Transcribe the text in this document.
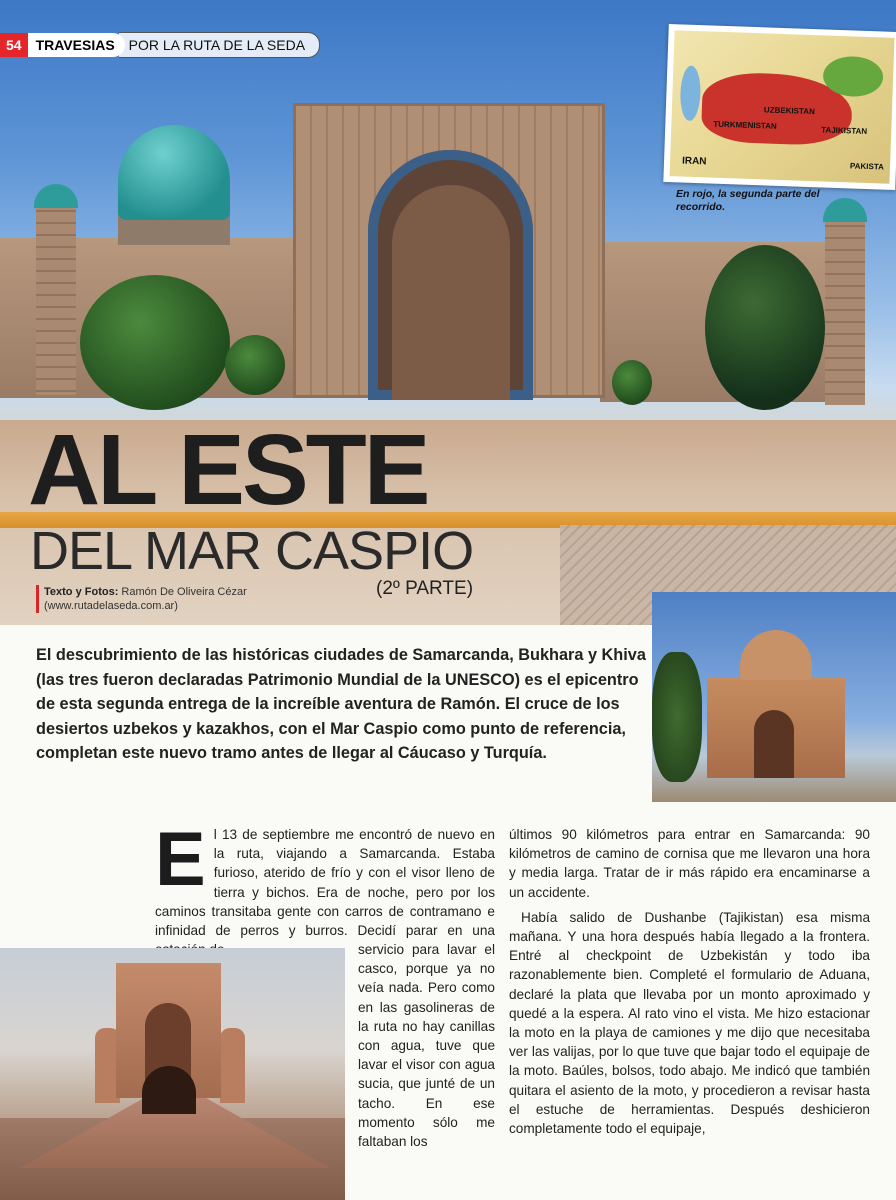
54	TRAVESIAS	POR LA RUTA DE LA SEDA
UZBEKISTAN
TURKMENISTAN	TAJIKISTAN
IRAN	PAKISTA
En rojo, la segunda parte del recorrido.
AL ESTE
DEL MAR CASPIO
(2º PARTE)
Texto y Fotos: Ramón De Oliveira Cézar
(www.rutadelaseda.com.ar)

El descubrimiento de las históricas ciudades de Samarcanda, Bukhara y Khiva (las tres fueron declaradas Patrimonio Mundial de la UNESCO) es el epicentro de esta segunda entrega de la increíble aventura de Ramón. El cruce de los desiertos uzbekos y kazakhos, con el Mar Caspio como punto de referencia, completan este nuevo tramo antes de llegar al Cáucaso y Turquía.

E l 13 de septiembre me encontró de nuevo en la ruta, viajando a Samarcanda. Estaba furioso, aterido de frío y con el visor lleno de tierra y bichos. Era de noche, pero por los caminos transitaba gente con carros de contramano e infinidad de perros y burros. Decidí parar en una

servicio para lavar el casco, porque ya no veía nada. Pero como en las gasolineras de la ruta no hay canillas con agua, tuve que lavar el visor con agua sucia, que junté de un tacho. En ese momento sólo me faltaban los

últimos 90 kilómetros para entrar en Samarcanda: 90 kilómetros de camino de cornisa que me llevaron una hora y media larga. Tratar de ir más rápido era encaminarse a un accidente.

Había salido de Dushanbe (Tajikistan) esa misma mañana. Y una hora después había llegado a la frontera. Entré al checkpoint de Uzbekistán y todo iba razonablemente bien. Completé el formulario de Aduana, declaré la plata que llevaba por un monto aproximado y quedé a la espera. Al rato vino el vista. Me hizo estacionar la moto en la playa de camiones y me dijo que necesitaba ver las valijas, por lo que tuve que bajar todo el equipaje de la moto. Baúles, bolsos, todo abajo. Me indicó que también quitara el asiento de la moto, y procedieron a revisar hasta el estuche de herramientas. Después deshicieron completamente todo el equipaje,
